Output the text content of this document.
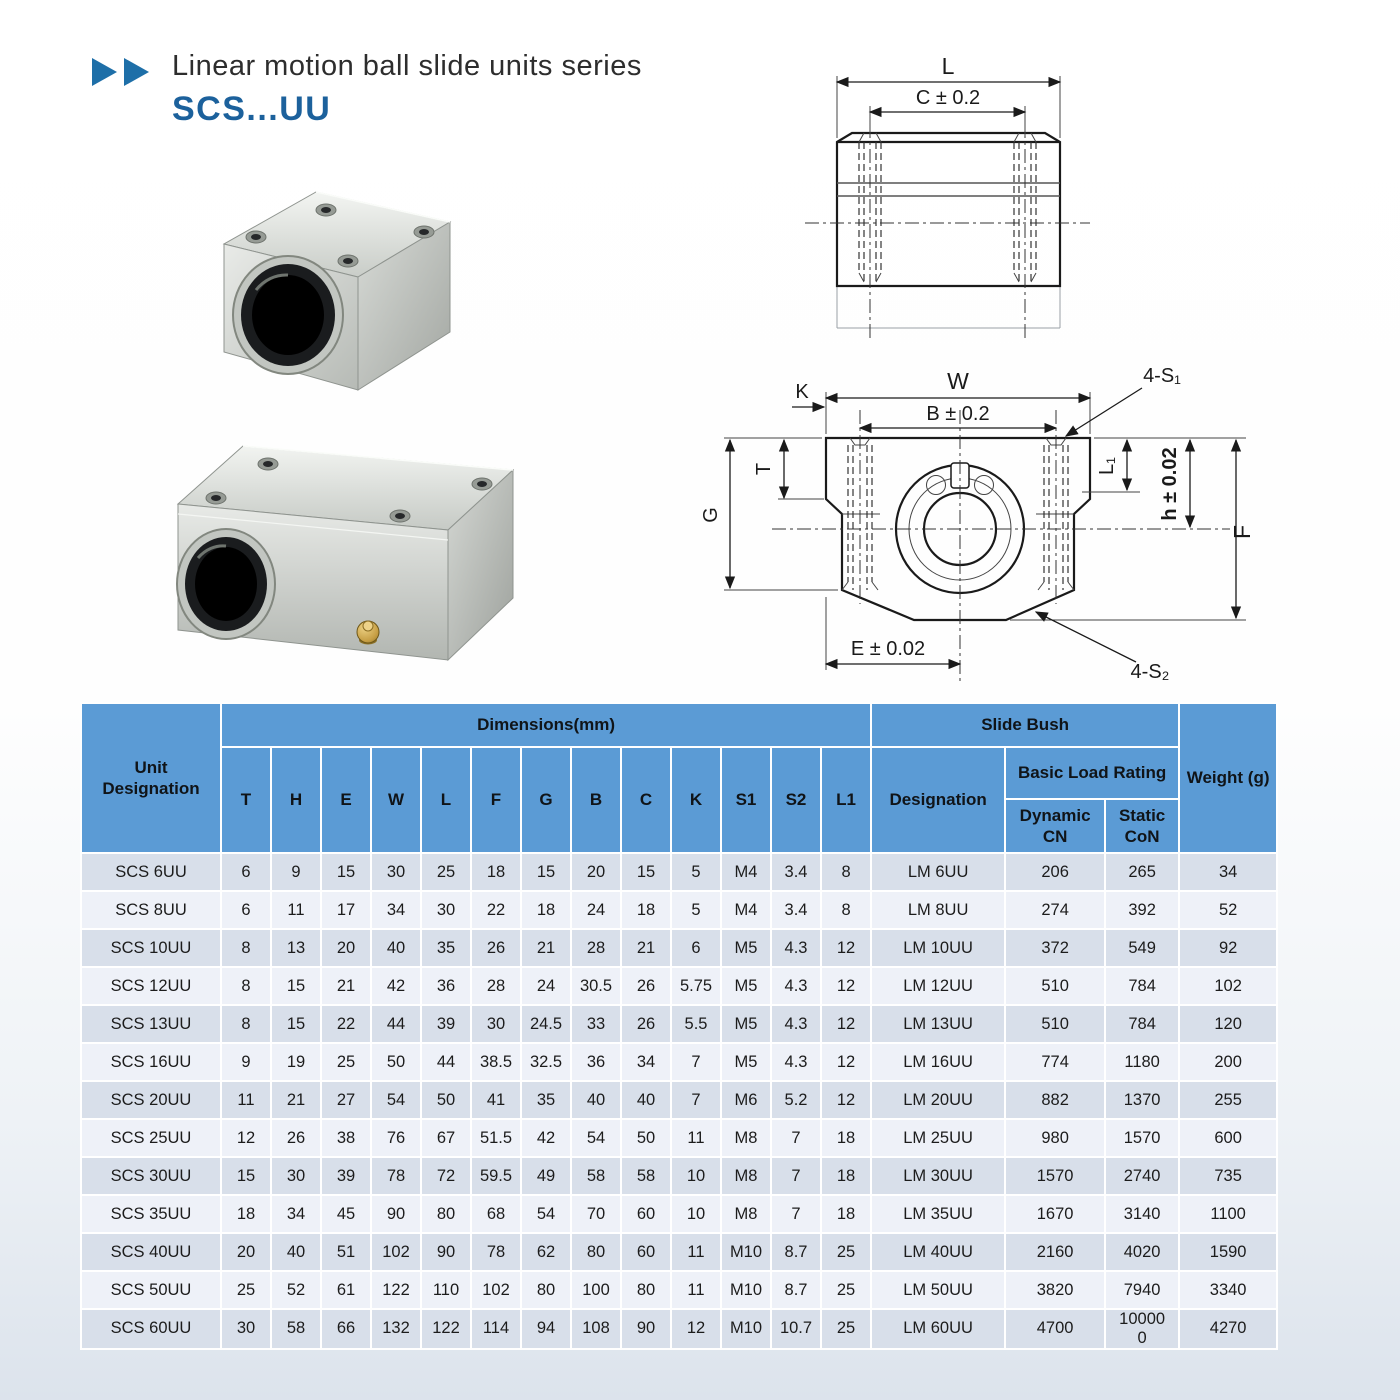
Linear motion ball slide units series
SCS...UU
L
C ± 0.2
W
B ± 0.2
K
T
G
E ± 0.02
L₁ h ± 0.02
F
4-S₁
4-S₂
Unit Designation	Dimensions(mm)													Slide Bush			Weight (g)
	T	H	E	W	L	F	G	B	C	K	S1	S2	L1	Designation	Basic Load Rating		
															Dynamic CN	Static CoN	
SCS 6UU	6	9	15	30	25	18	15	20	15	5	M4	3.4	8	LM 6UU	206	265	34
SCS 8UU	6	11	17	34	30	22	18	24	18	5	M4	3.4	8	LM 8UU	274	392	52
SCS 10UU	8	13	20	40	35	26	21	28	21	6	M5	4.3	12	LM 10UU	372	549	92
SCS 12UU	8	15	21	42	36	28	24	30.5	26	5.75	M5	4.3	12	LM 12UU	510	784	102
SCS 13UU	8	15	22	44	39	30	24.5	33	26	5.5	M5	4.3	12	LM 13UU	510	784	120
SCS 16UU	9	19	25	50	44	38.5	32.5	36	34	7	M5	4.3	12	LM 16UU	774	1180	200
SCS 20UU	11	21	27	54	50	41	35	40	40	7	M6	5.2	12	LM 20UU	882	1370	255
SCS 25UU	12	26	38	76	67	51.5	42	54	50	11	M8	7	18	LM 25UU	980	1570	600
SCS 30UU	15	30	39	78	72	59.5	49	58	58	10	M8	7	18	LM 30UU	1570	2740	735
SCS 35UU	18	34	45	90	80	68	54	70	60	10	M8	7	18	LM 35UU	1670	3140	1100
SCS 40UU	20	40	51	102	90	78	62	80	60	11	M10	8.7	25	LM 40UU	2160	4020	1590
SCS 50UU	25	52	61	122	110	102	80	100	80	11	M10	8.7	25	LM 50UU	3820	7940	3340
SCS 60UU	30	58	66	132	122	114	94	108	90	12	M10	10.7	25	LM 60UU	4700	100000	4270
